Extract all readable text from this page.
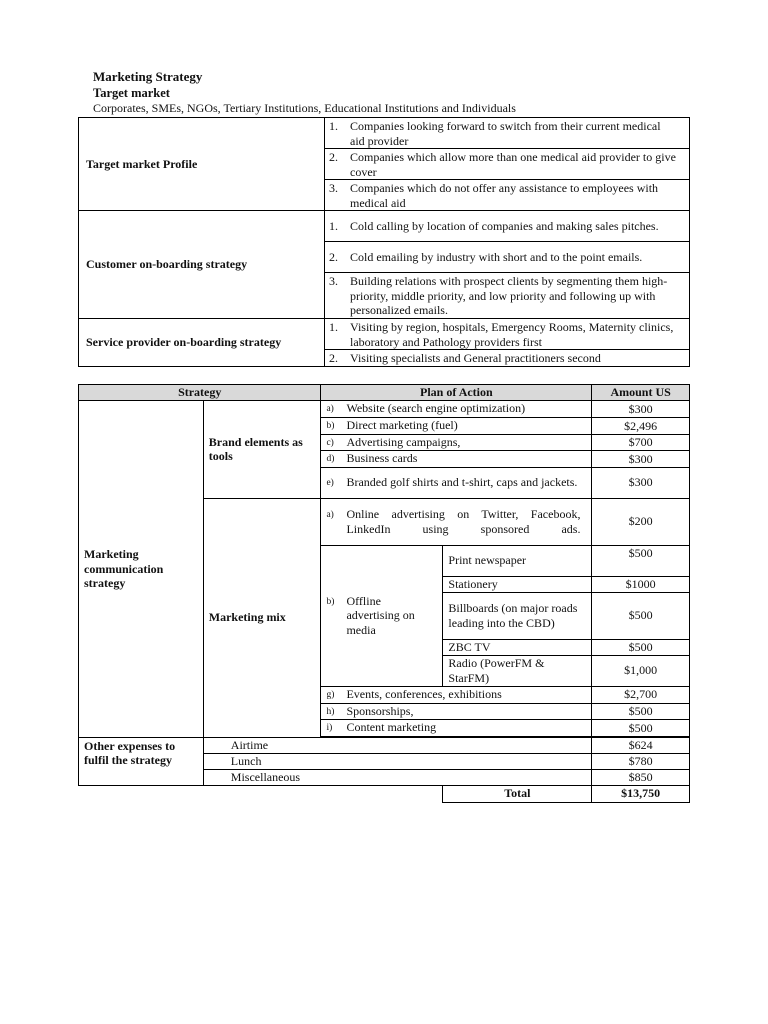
Marketing Strategy
Target market
Corporates, SMEs, NGOs, Tertiary Institutions, Educational Institutions and Individuals
Target market Profile	1. Companies looking forward to switch from their current medical aid provider
	2. Companies which allow more than one medical aid provider to give cover
	3. Companies which do not offer any assistance to employees with medical aid
Customer on-boarding strategy	1. Cold calling by location of companies and making sales pitches.
	2. Cold emailing by industry with short and to the point emails.
	3. Building relations with prospect clients by segmenting them high-priority, middle priority, and low priority and following up with personalized emails.
Service provider on-boarding strategy	1. Visiting by region, hospitals, Emergency Rooms, Maternity clinics, laboratory and Pathology providers first
	2. Visiting specialists and General practitioners second
Strategy		Plan of Action		Amount US
Marketing communication strategy	Brand elements as tools	a) Website (search engine optimization)		$300
		b) Direct marketing (fuel)		$2,496
		c) Advertising campaigns,		$700
		d) Business cards		$300
		e) Branded golf shirts and t-shirt, caps and jackets.		$300
	Marketing mix	a) Online advertising on Twitter, Facebook, LinkedIn using sponsored ads.		$200
		b) Offline advertising on media	Print newspaper	$500
			Stationery	$1000
			Billboards (on major roads leading into the CBD)	$500
			ZBC TV	$500
			Radio (PowerFM & StarFM)	$1,000
		g) Events, conferences, exhibitions		$2,700
		h) Sponsorships,		$500
		i) Content marketing		$500

Other expenses to fulfil the strategy	Airtime			$624
	Lunch			$780
	Miscellaneous			$850
			Total	$13,750
